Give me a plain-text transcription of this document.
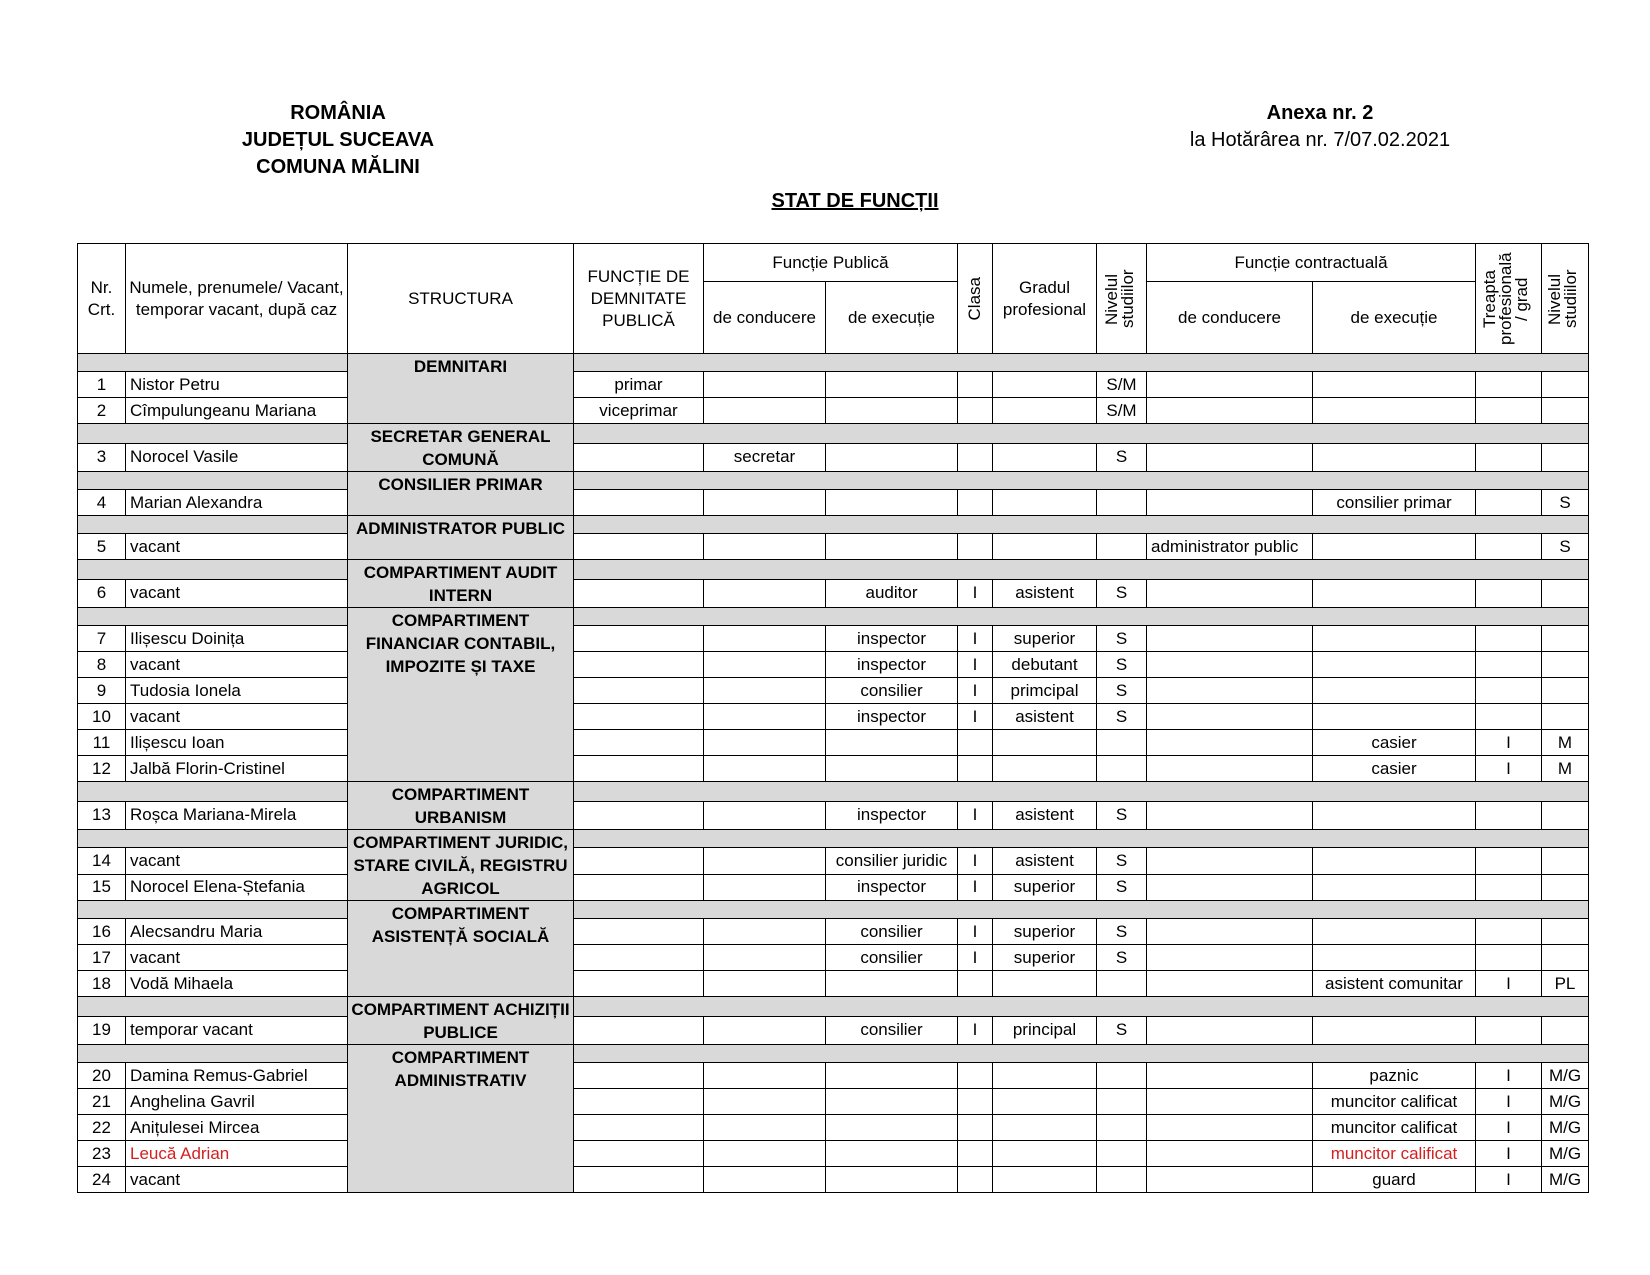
ROMÂNIA
JUDEȚUL SUCEAVA
COMUNA MĂLINI
Anexa nr. 2
la Hotărârea nr. 7/07.02.2021
STAT DE FUNCȚII
Nr. Crt.	Numele, prenumele/ Vacant, temporar vacant, după caz	STRUCTURA	FUNCȚIE DE DEMNITATE PUBLICĂ	Funcție Publică		Clasa	Gradul profesional	Nivelul studiilor	Funcție contractuală		Treapta profesională / grad	Nivelul studiilor

				de conducere	de execuție				de conducere	de execuție		
		DEMNITARI										
1	Nistor Petru		primar					S/M				
2	Cîmpulungeanu Mariana		viceprimar					S/M				
		SECRETAR GENERAL COMUNĂ										
3	Norocel Vasile			secretar				S				
		CONSILIER PRIMAR										
4	Marian Alexandra									consilier primar		S
		ADMINISTRATOR PUBLIC										
5	vacant								administrator public			S
		COMPARTIMENT AUDIT INTERN										
6	vacant				auditor	I	asistent	S				
		COMPARTIMENT FINANCIAR CONTABIL, IMPOZITE ȘI TAXE										
7	Ilișescu Doinița				inspector	I	superior	S				
8	vacant				inspector	I	debutant	S				
9	Tudosia Ionela				consilier	I	primcipal	S				
10	vacant				inspector	I	asistent	S				
11	Ilișescu Ioan									casier	I	M
12	Jalbă Florin-Cristinel									casier	I	M
		COMPARTIMENT URBANISM										
13	Roșca Mariana-Mirela				inspector	I	asistent	S				
		COMPARTIMENT JURIDIC, STARE CIVILĂ, REGISTRU AGRICOL										
14	vacant				consilier juridic	I	asistent	S				
15	Norocel Elena-Ștefania				inspector	I	superior	S				
		COMPARTIMENT ASISTENȚĂ SOCIALĂ										
16	Alecsandru Maria				consilier	I	superior	S				
17	vacant				consilier	I	superior	S				
18	Vodă Mihaela									asistent comunitar	I	PL
		COMPARTIMENT ACHIZIȚII PUBLICE										
19	temporar vacant				consilier	I	principal	S				
		COMPARTIMENT ADMINISTRATIV										
20	Damina Remus-Gabriel									paznic	I	M/G
21	Anghelina Gavril									muncitor calificat	I	M/G
22	Anițulesei Mircea									muncitor calificat	I	M/G
23	Leucă Adrian									muncitor calificat	I	M/G
24	vacant									guard	I	M/G
